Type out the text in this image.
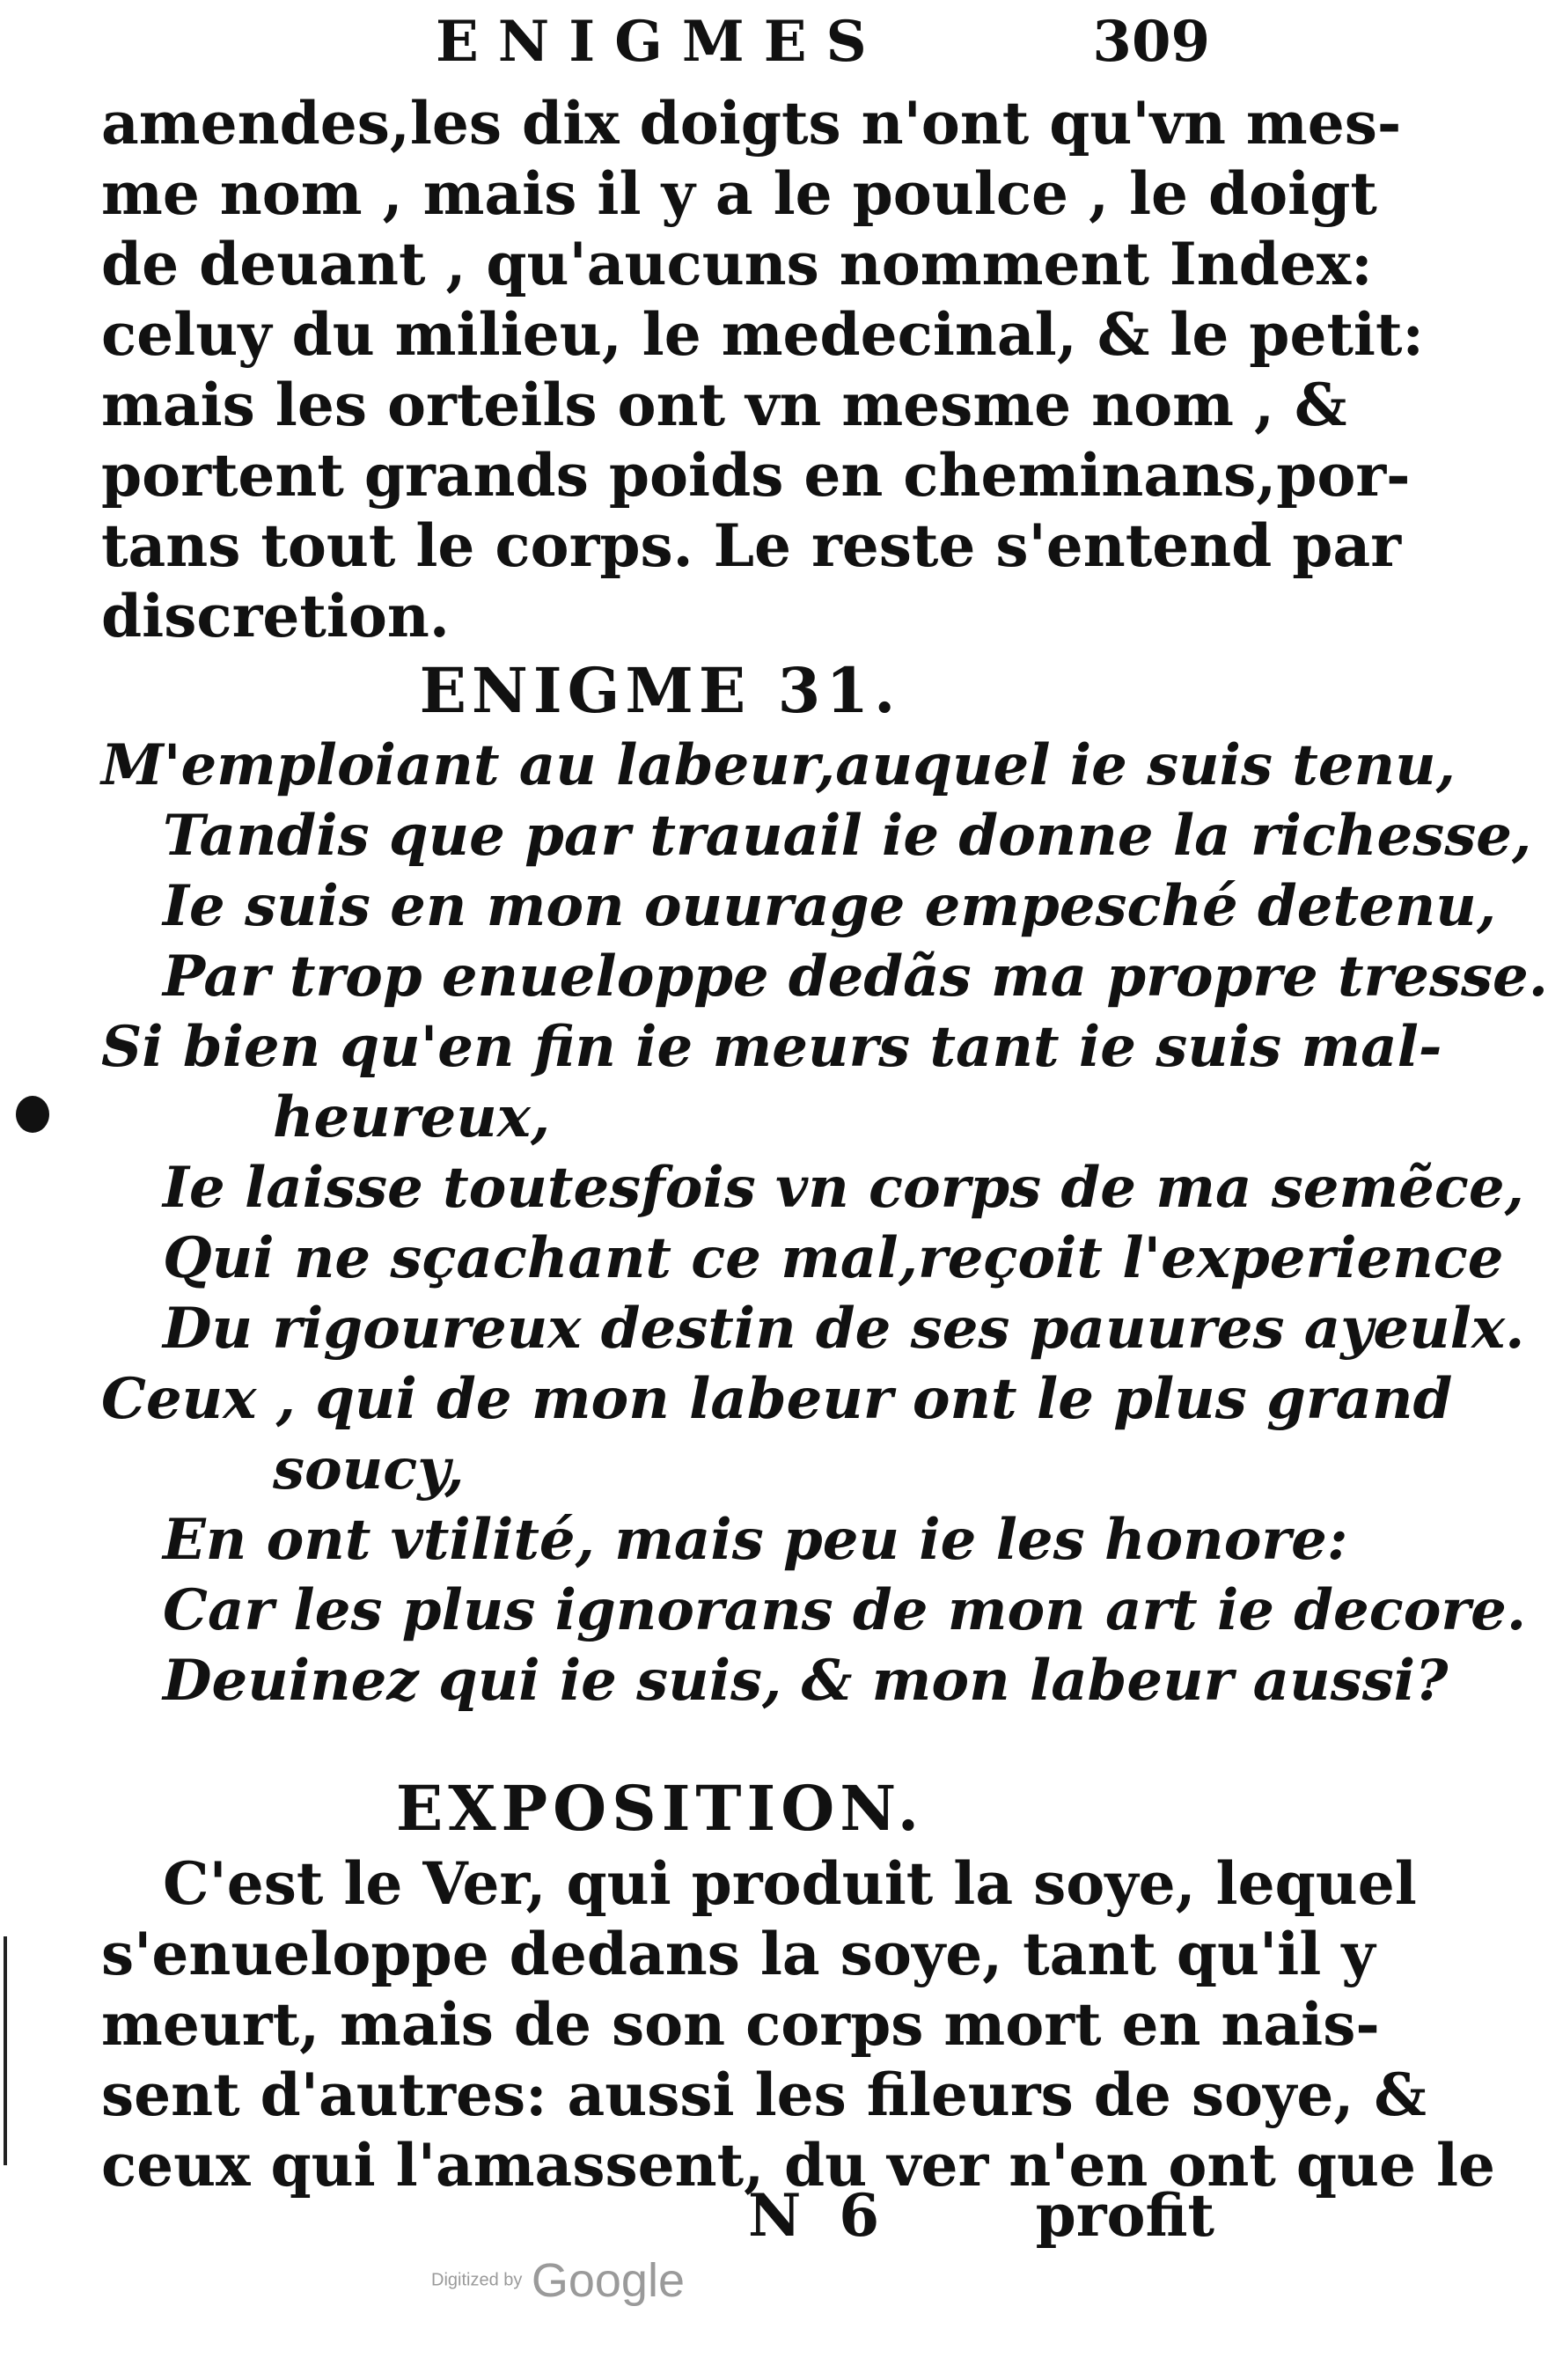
ENIGMES	309
amendes,les dix doigts n'ont qu'vn mes-
me nom , mais il y a le poulce , le doigt
de deuant , qu'aucuns nomment Index:
celuy du milieu, le medecinal, & le petit:
mais les orteils ont vn mesme nom , &
portent grands poids en cheminans,por-
tans tout le corps. Le reste s'entend par
discretion.
ENIGME 31.
M'emploiant au labeur,auquel ie suis tenu,
Tandis que par trauail ie donne la richesse,
Ie suis en mon ouurage empesché detenu,
Par trop enueloppe dedãs ma propre tresse.
Si bien qu'en fin ie meurs tant ie suis mal-
heureux,
Ie laisse toutesfois vn corps de ma semẽce,
Qui ne sçachant ce mal,reçoit l'experience
Du rigoureux destin de ses pauures ayeulx.
Ceux , qui de mon labeur ont le plus grand
soucy,
En ont vtilité, mais peu ie les honore:
Car les plus ignorans de mon art ie decore.
Deuinez qui ie suis, & mon labeur aussi?
EXPOSITION.
C'est le Ver, qui produit la soye, lequel
s'enueloppe dedans la soye, tant qu'il y
meurt, mais de son corps mort en nais-
sent d'autres: aussi les fileurs de soye, &
ceux qui l'amassent, du ver n'en ont que le
N 6	profit
Digitized by Google
